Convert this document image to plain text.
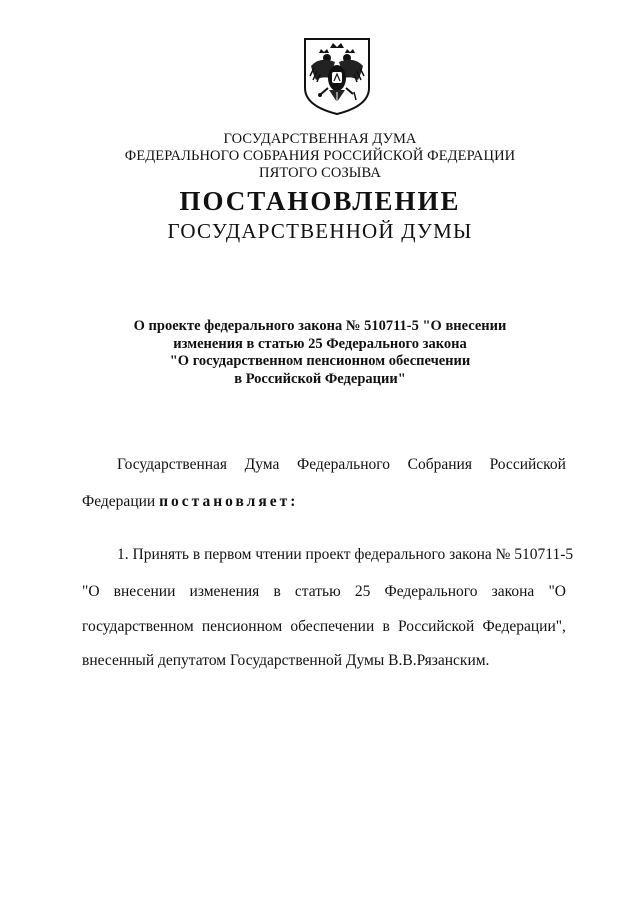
ГОСУДАРСТВЕННАЯ ДУМА
ФЕДЕРАЛЬНОГО СОБРАНИЯ РОССИЙСКОЙ ФЕДЕРАЦИИ
ПЯТОГО СОЗЫВА
ПОСТАНОВЛЕНИЕ
ГОСУДАРСТВЕННОЙ ДУМЫ
О проекте федерального закона № 510711-5 "О внесении
изменения в статью 25 Федерального закона
"О государственном пенсионном обеспечении
в Российской Федерации"
Государственная Дума Федерального Собрания Российской
Федерации постановляет:
1. Принять в первом чтении проект федерального закона № 510711-5
"О внесении изменения в статью 25 Федерального закона "О
государственном пенсионном обеспечении в Российской Федерации",
внесенный депутатом Государственной Думы В.В.Рязанским.
